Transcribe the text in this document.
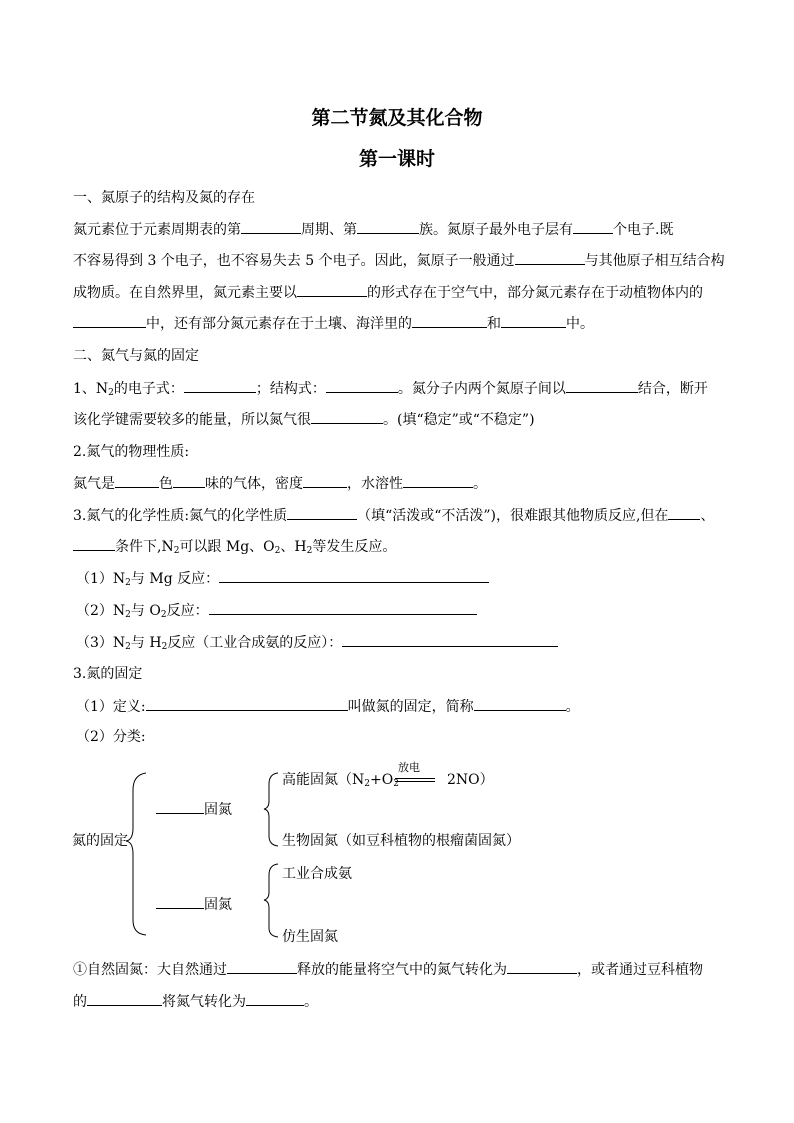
第二节氮及其化合物
第一课时
一、氮原子的结构及氮的存在
氮元素位于元素周期表的第	周期、第	族。氮原子最外电子层有	个电子.既
不容易得到 3 个电子，也不容易失去 5 个电子。因此，氮原子一般通过	与其他原子相互结合构
成物质。在自然界里，氮元素主要以	的形式存在于空气中，部分氮元素存在于动植物体内的
中，还有部分氮元素存在于土壤、海洋里的	和	中。
二、氮气与氮的固定
1、$N_2$的电子式：	；结构式：	。氮分子内两个氮原子间以	结合，断开
该化学键需要较多的能量，所以氮气很	。(填“稳定”或“不稳定”)
2.氮气的物理性质:
氮气是	色 味的气体，密度	，水溶性	。
3.氮气的化学性质:氮气的化学性质	（填“活泼或“不活泼”)，很难跟其他物质反应,但在 、
条件下$,N_2$可以跟 Mg、$O_2$、$H_2$等发生反应。
$(1)N_2$与 Mg 反应：
$(2)N_2$与 $O_2$反应：
$(3)N_2$与 $H_2$反应（工业合成氨的反应）：
3.氮的固定
（1）定义:	叫做氮的固定，简称	。
（2）分类:
氮的固定
固氮
固氮
高能固氮（$N_2+O_2$	2NO）
放电
生物固氮（如豆科植物的根瘤菌固氮）
工业合成氨
仿生固氮
①自然固氮：大自然通过	释放的能量将空气中的氮气转化为	，或者通过豆科植物
的	将氮气转化为	。
